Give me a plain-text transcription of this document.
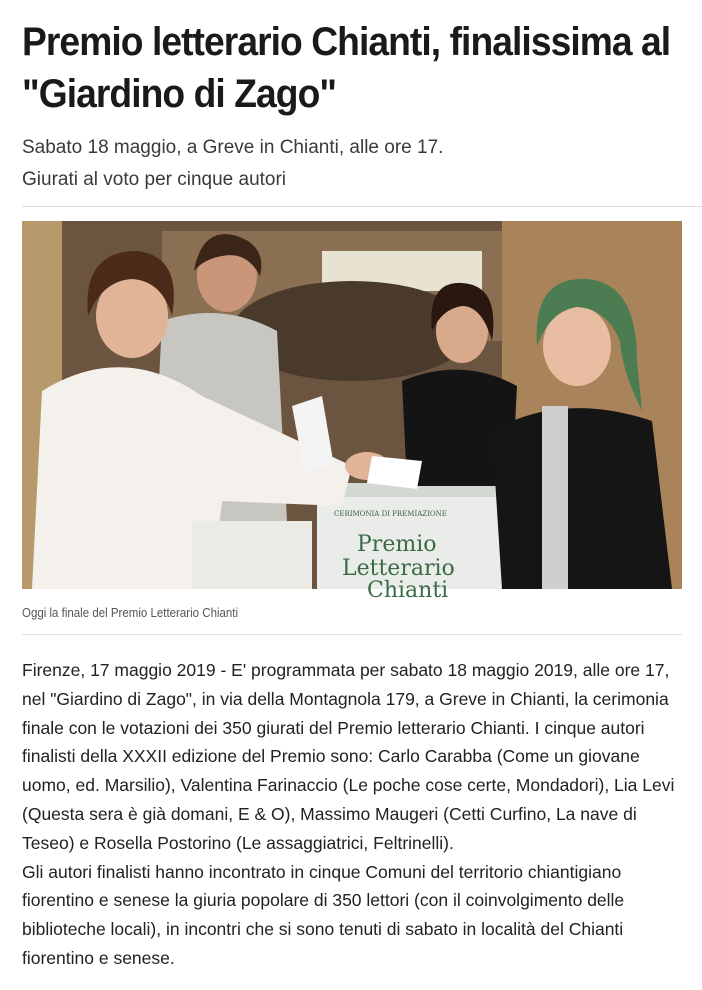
Premio letterario Chianti, finalissima al "Giardino di Zago"
Sabato 18 maggio, a Greve in Chianti, alle ore 17.
Giurati al voto per cinque autori
CERIMONIA DI PREMIAZIONE
Premio
Letterario
Chianti
Oggi la finale del Premio Letterario Chianti

Firenze, 17 maggio 2019 - E' programmata per sabato 18 maggio 2019, alle ore 17, nel "Giardino di Zago", in via della Montagnola 179, a Greve in Chianti, la cerimonia finale con le votazioni dei 350 giurati del Premio letterario Chianti. I cinque autori finalisti della XXXII edizione del Premio sono: Carlo Carabba (Come un giovane uomo, ed. Marsilio), Valentina Farinaccio (Le poche cose certe, Mondadori), Lia Levi (Questa sera è già domani, E & O), Massimo Maugeri (Cetti Curfino, La nave di Teseo) e Rosella Postorino (Le assaggiatrici, Feltrinelli).

Gli autori finalisti hanno incontrato in cinque Comuni del territorio chiantigiano fiorentino e senese la giuria popolare di 350 lettori (con il coinvolgimento delle biblioteche locali), in incontri che si sono tenuti di sabato in località del Chianti fiorentino e senese.
